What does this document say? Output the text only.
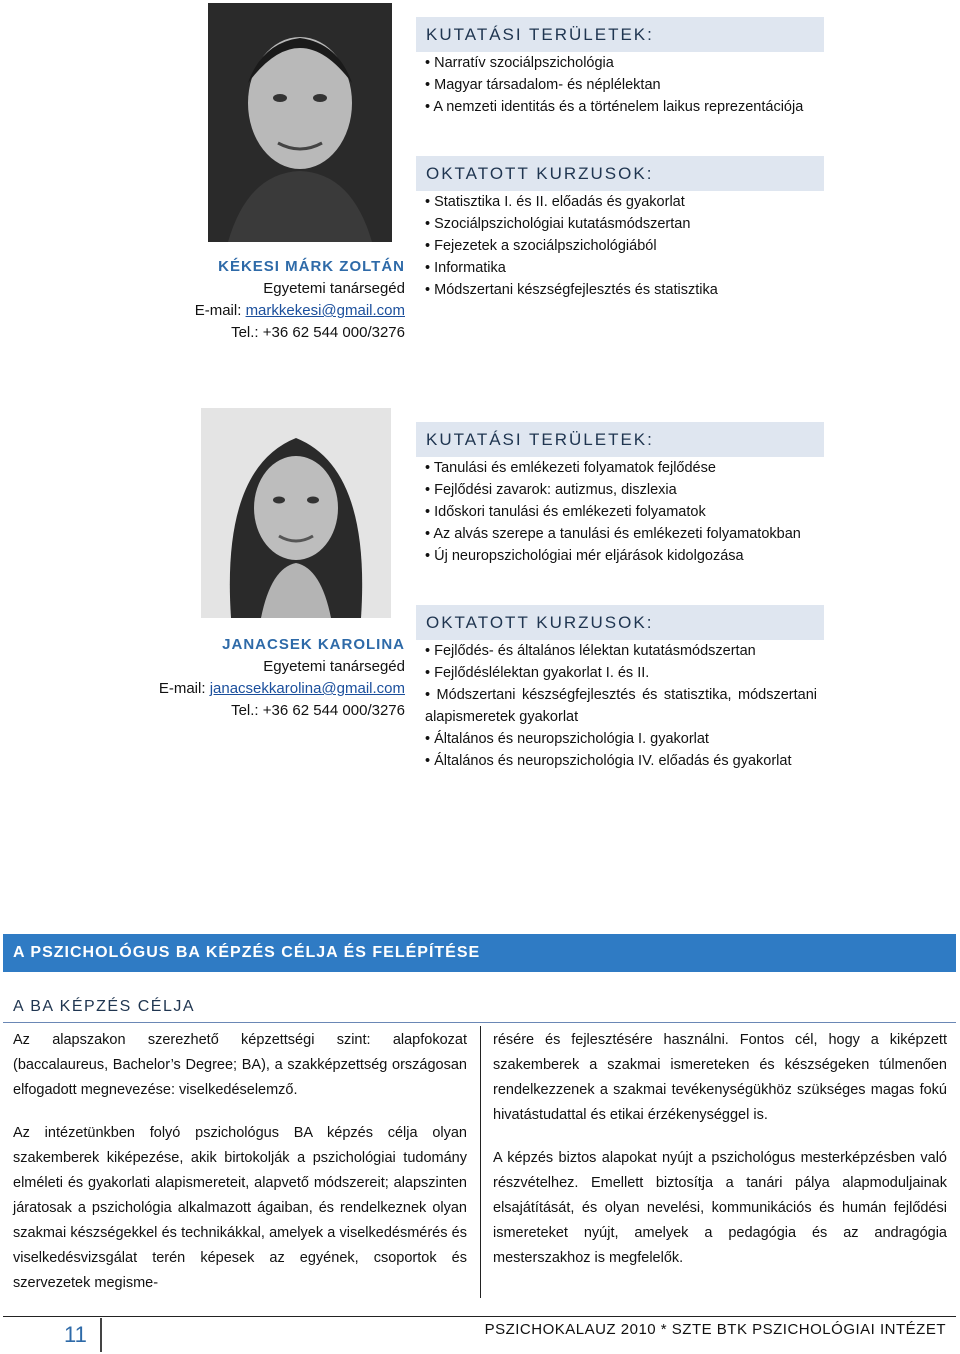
KÉKESI MÁRK ZOLTÁN
Egyetemi tanársegéd
E-mail: markkekesi@gmail.com
Tel.: +36 62 544 000/3276
KUTATÁSI TERÜLETEK:
• Narratív szociálpszichológia
• Magyar társadalom- és néplélektan
• A nemzeti identitás és a történelem laikus reprezentációja
OKTATOTT KURZUSOK:
• Statisztika I. és II. előadás és gyakorlat
• Szociálpszichológiai kutatásmódszertan
• Fejezetek a szociálpszichológiából
• Informatika
• Módszertani készségfejlesztés és statisztika
JANACSEK KAROLINA
Egyetemi tanársegéd
E-mail: janacsekkarolina@gmail.com
Tel.: +36 62 544 000/3276
KUTATÁSI TERÜLETEK:
• Tanulási és emlékezeti folyamatok fejlődése
• Fejlődési zavarok: autizmus, diszlexia
• Időskori tanulási és emlékezeti folyamatok
• Az alvás szerepe a tanulási és emlékezeti folyamatokban
• Új neuropszichológiai mér eljárások kidolgozása
OKTATOTT KURZUSOK:
• Fejlődés- és általános lélektan kutatásmódszertan
• Fejlődéslélektan gyakorlat I. és II.
• Módszertani készségfejlesztés és statisztika, módszertani alapismeretek gyakorlat
• Általános és neuropszichológia I. gyakorlat
• Általános és neuropszichológia IV. előadás és gyakorlat
A PSZICHOLÓGUS BA KÉPZÉS CÉLJA ÉS FELÉPÍTÉSE
A BA KÉPZÉS CÉLJA

Az alapszakon szerezhető képzettségi szint: alapfokozat (baccalaureus, Bachelor’s Degree; BA), a szakképzettség országosan elfogadott megnevezése: viselkedéselemző.

Az intézetünkben folyó pszichológus BA képzés célja olyan szakemberek kiképezése, akik birtokolják a pszichológiai tudomány elméleti és gyakorlati alapismereteit, alapvető módszereit; alapszinten járatosak a pszichológia alkalmazott ágaiban, és rendelkeznek olyan szakmai készségekkel és technikákkal, amelyek a viselkedésmérés és viselkedésvizsgálat terén képesek az egyének, csoportok és szervezetek megisme-

résére és fejlesztésére használni. Fontos cél, hogy a kiképzett szakemberek a szakmai ismereteken és készségeken túlmenően rendelkezzenek a szakmai tevékenységükhöz szükséges magas fokú hivatástudattal és etikai érzékenységgel is.

A képzés biztos alapokat nyújt a pszichológus mesterképzésben való részvételhez. Emellett biztosítja a tanári pálya alapmoduljainak elsajátítását, és olyan nevelési, kommunikációs és humán fejlődési ismereteket nyújt, amelyek a pedagógia és az andragógia mesterszakhoz is megfelelők.

11	PSZICHOKALAUZ 2010 * SZTE BTK PSZICHOLÓGIAI INTÉZET
